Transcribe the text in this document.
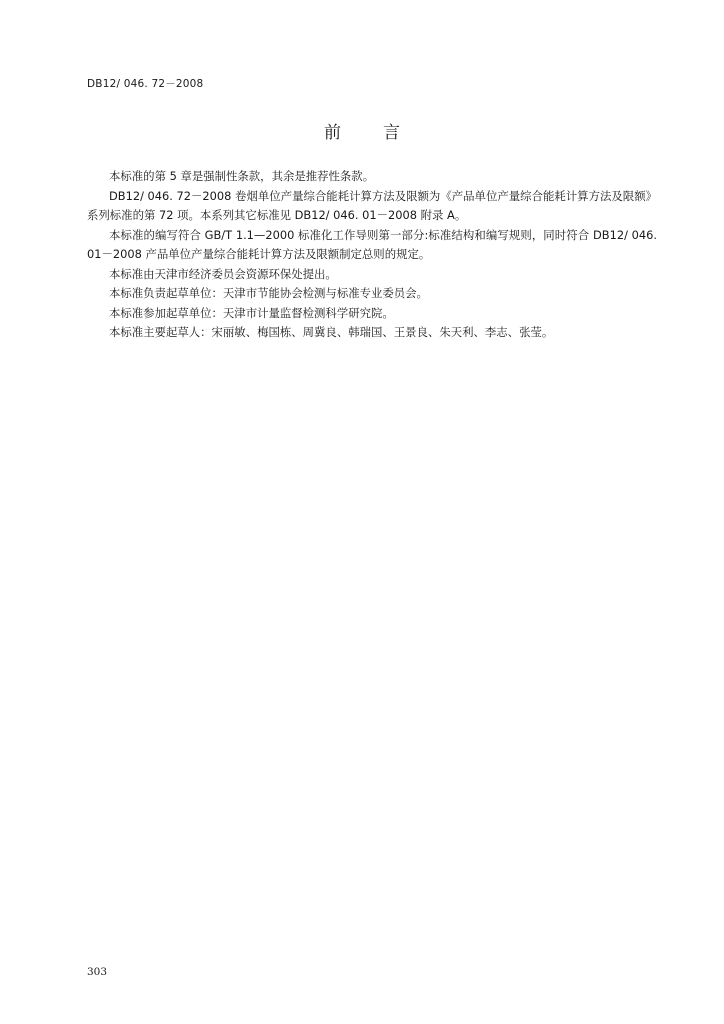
DB12/ 046. 72－2008
前 言

本标准的第 5 章是强制性条款，其余是推荐性条款。

DB12/ 046. 72－2008 卷烟单位产量综合能耗计算方法及限额为《产品单位产量综合能耗计算方法及限额》系列标准的第 72 项。本系列其它标准见 DB12/ 046. 01－2008 附录 A。

本标准的编写符合 GB/T 1.1—2000 标准化工作导则第一部分:标准结构和编写规则，同时符合 DB12/ 046. 01－2008 产品单位产量综合能耗计算方法及限额制定总则的规定。

本标准由天津市经济委员会资源环保处提出。

本标准负责起草单位：天津市节能协会检测与标准专业委员会。

本标准参加起草单位：天津市计量监督检测科学研究院。

本标准主要起草人：宋丽敏、梅国栋、周冀良、韩瑞国、王景良、朱天利、李志、张莹。

303
